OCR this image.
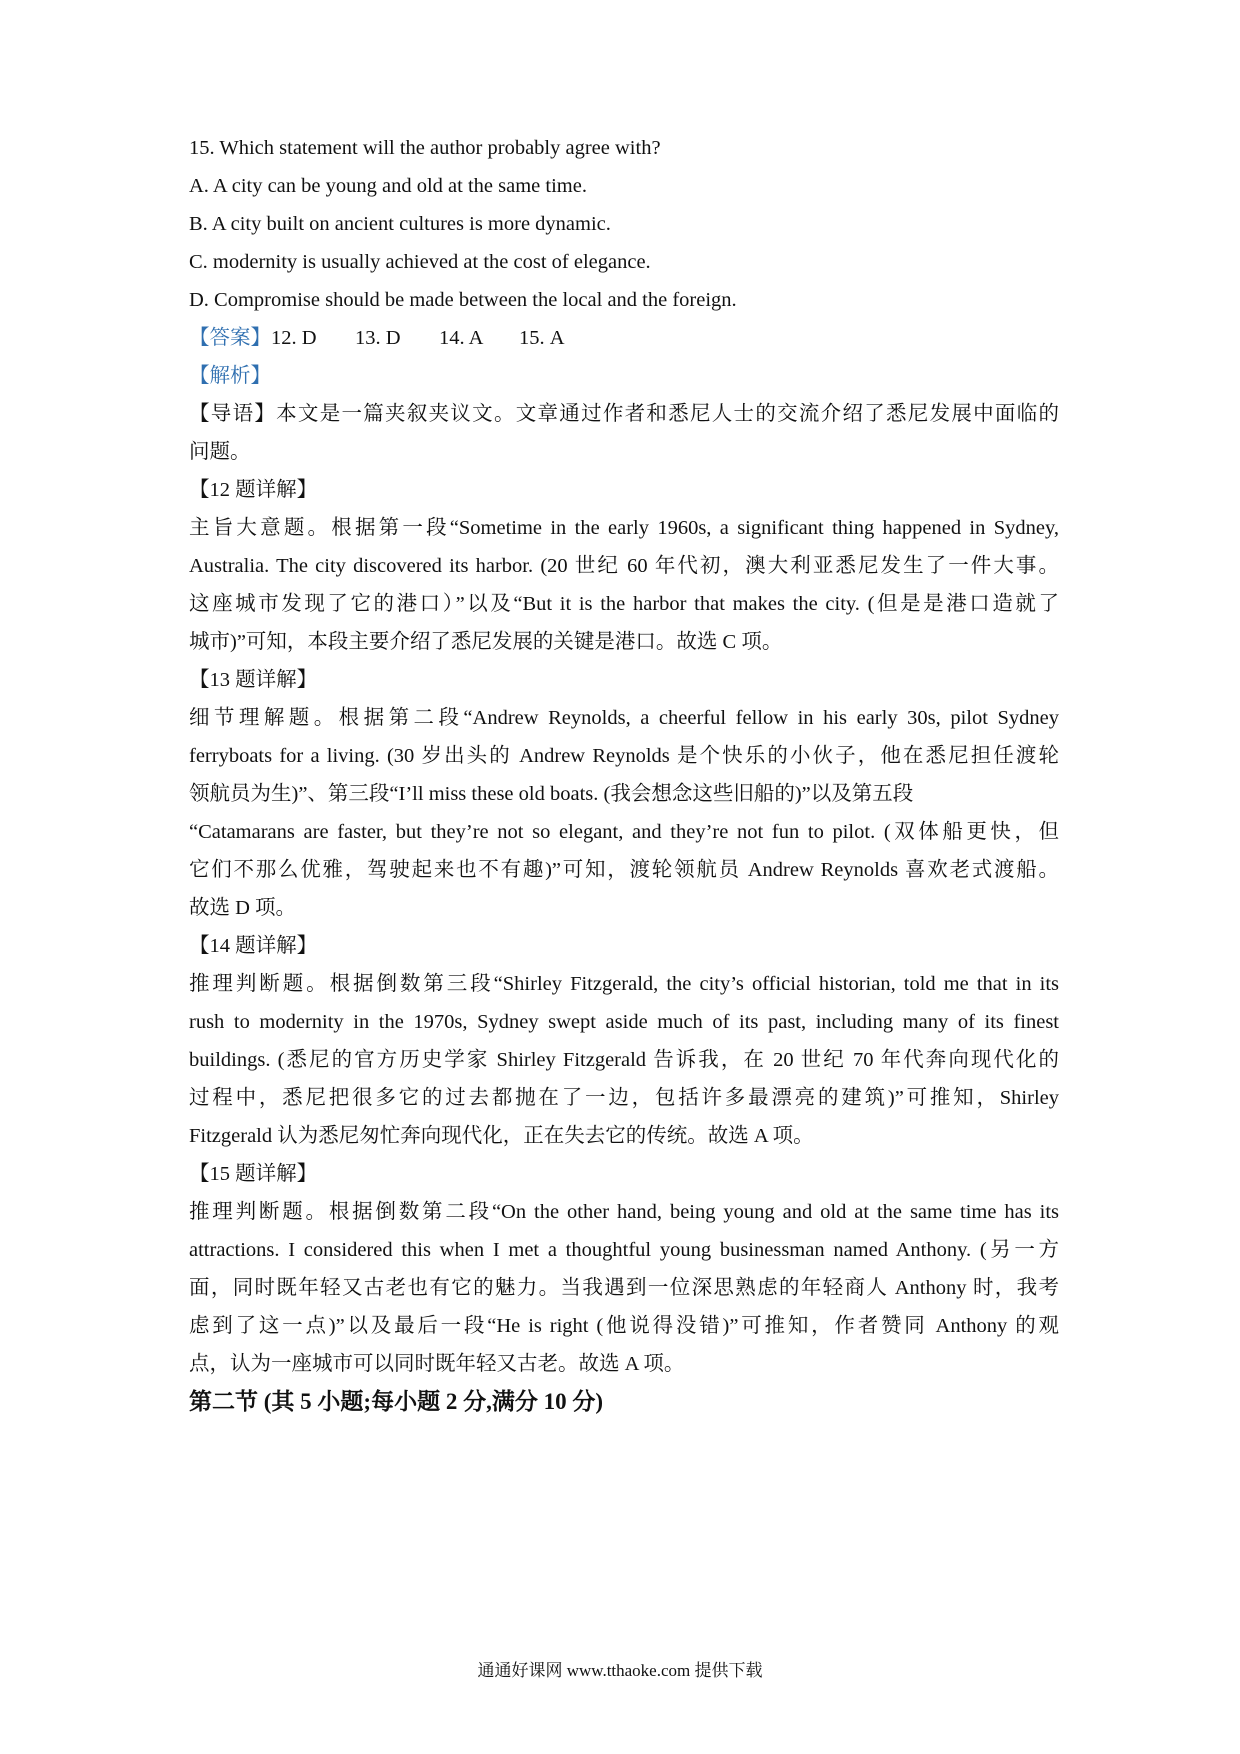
15. Which statement will the author probably agree with?
A. A city can be young and old at the same time.
B. A city built on ancient cultures is more dynamic.
C. modernity is usually achieved at the cost of elegance.
D. Compromise should be made between the local and the foreign.
【答案】12. D 13. D 14. A 15. A
【解析】
【导语】本文是一篇夹叙夹议文。文章通过作者和悉尼人士的交流介绍了悉尼发展中面临的
问题。
【12 题详解】
主旨大意题。根据第一段“Sometime in the early 1960s, a significant thing happened in Sydney,
Australia. The city discovered its harbor. (20 世纪 60 年代初，澳大利亚悉尼发生了一件大事。
这座城市发现了它的港口）”以及“But it is the harbor that makes the city. (但是是港口造就了
城市)”可知，本段主要介绍了悉尼发展的关键是港口。故选 C 项。
【13 题详解】
细节理解题。根据第二段“Andrew Reynolds, a cheerful fellow in his early 30s, pilot Sydney
ferryboats for a living. (30 岁出头的 Andrew Reynolds 是个快乐的小伙子，他在悉尼担任渡轮
领航员为生)”、第三段“I’ll miss these old boats. (我会想念这些旧船的)”以及第五段
“Catamarans are faster, but they’re not so elegant, and they’re not fun to pilot. (双体船更快，但
它们不那么优雅，驾驶起来也不有趣)”可知，渡轮领航员 Andrew Reynolds 喜欢老式渡船。
故选 D 项。
【14 题详解】
推理判断题。根据倒数第三段“Shirley Fitzgerald, the city’s official historian, told me that in its
rush to modernity in the 1970s, Sydney swept aside much of its past, including many of its finest
buildings. (悉尼的官方历史学家 Shirley Fitzgerald 告诉我，在 20 世纪 70 年代奔向现代化的
过程中，悉尼把很多它的过去都抛在了一边，包括许多最漂亮的建筑)”可推知，Shirley
Fitzgerald 认为悉尼匆忙奔向现代化，正在失去它的传统。故选 A 项。
【15 题详解】
推理判断题。根据倒数第二段“On the other hand, being young and old at the same time has its
attractions. I considered this when I met a thoughtful young businessman named Anthony. (另一方
面，同时既年轻又古老也有它的魅力。当我遇到一位深思熟虑的年轻商人 Anthony 时，我考
虑到了这一点)”以及最后一段“He is right (他说得没错)”可推知，作者赞同 Anthony 的观
点，认为一座城市可以同时既年轻又古老。故选 A 项。
第二节 (其 5 小题;每小题 2 分,满分 10 分)
通通好课网 www.tthaoke.com 提供下载
